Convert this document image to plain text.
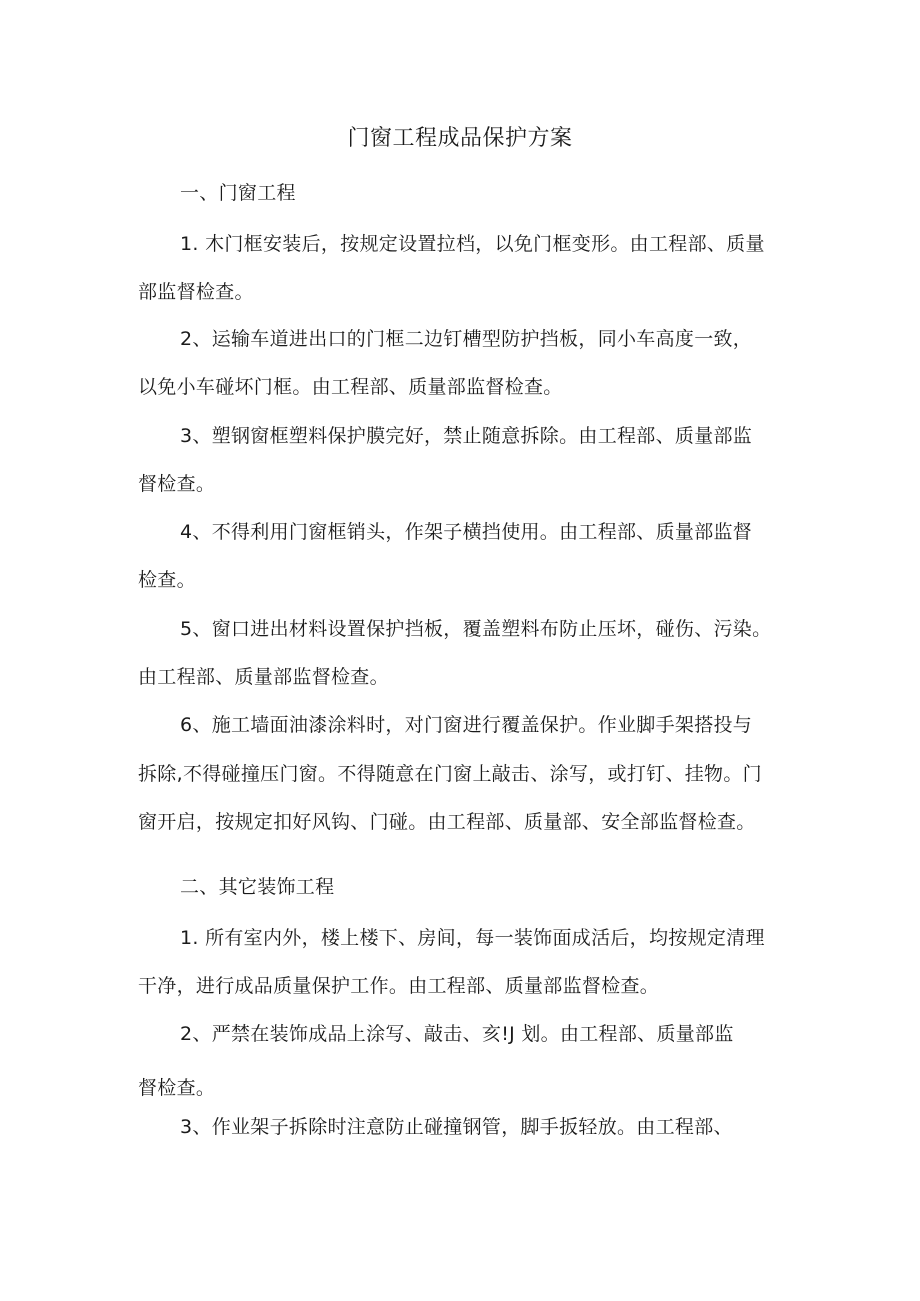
门窗工程成品保护方案
一、门窗工程
1. 木门框安装后，按规定设置拉档，以免门框变形。由工程部、质量
部监督检查。
2、运输车道进出口的门框二边钉槽型防护挡板，同小车高度一致，
以免小车碰坏门框。由工程部、质量部监督检查。
3、塑钢窗框塑料保护膜完好，禁止随意拆除。由工程部、质量部监
督检查。
4、不得利用门窗框销头，作架子横挡使用。由工程部、质量部监督
检查。
5、窗口进出材料设置保护挡板，覆盖塑料布防止压坏，碰伤、污染。
由工程部、质量部监督检查。
6、施工墙面油漆涂料时，对门窗进行覆盖保护。作业脚手架搭投与
拆除,不得碰撞压门窗。不得随意在门窗上敲击、涂写，或打钉、挂物。门
窗开启，按规定扣好风钩、门碰。由工程部、质量部、安全部监督检查。
二、其它装饰工程
1. 所有室内外，楼上楼下、房间，每一装饰面成活后，均按规定清理
干净，进行成品质量保护工作。由工程部、质量部监督检查。
2、严禁在装饰成品上涂写、敲击、亥!J 划。由工程部、质量部监
督检查。
3、作业架子拆除时注意防止碰撞钢管，脚手扳轻放。由工程部、
